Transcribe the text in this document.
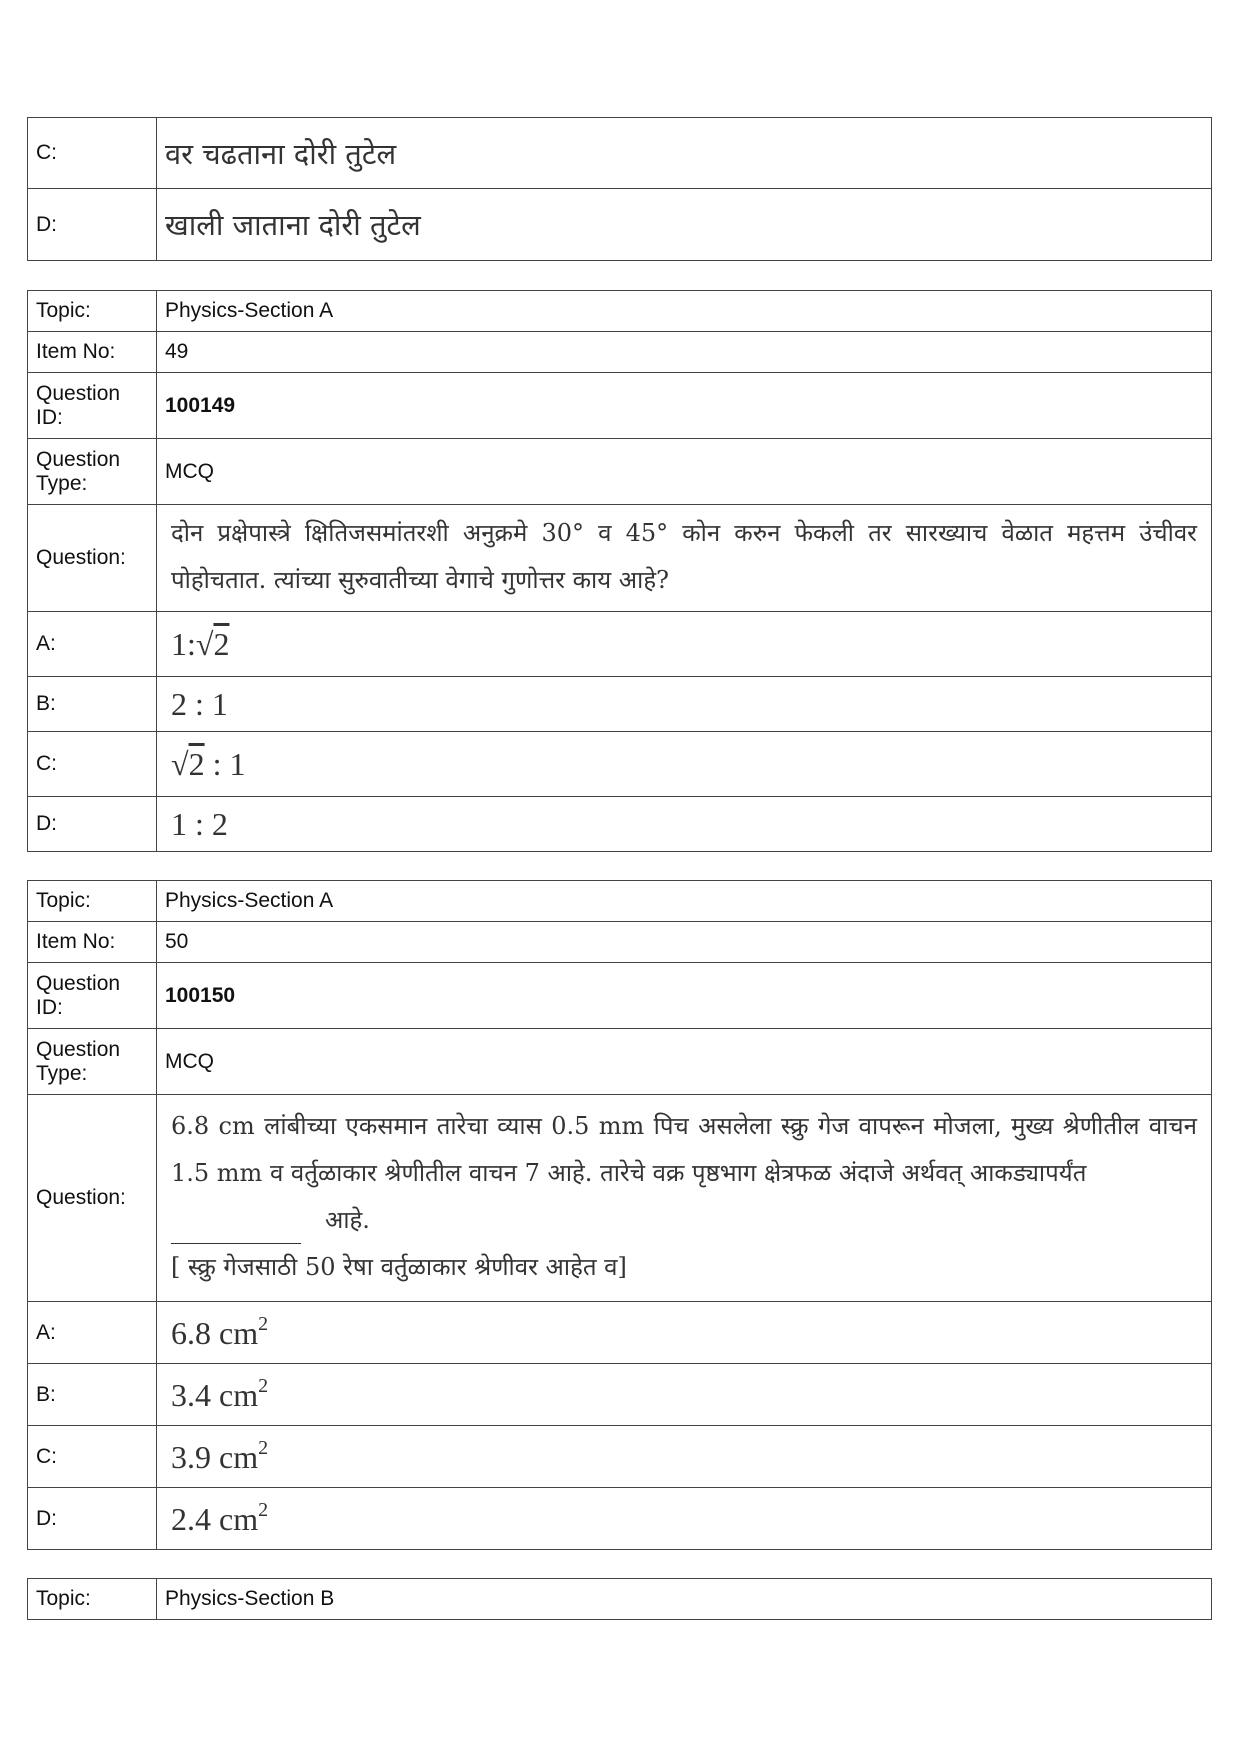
C:	वर चढताना दोरी तुटेल
D:	खाली जाताना दोरी तुटेल
Topic:	Physics-Section A
Item No:	49
Question ID:	100149
Question Type:	MCQ
Question:	दोन प्रक्षेपास्त्रे क्षितिजसमांतरशी अनुक्रमे 30° व 45° कोन करुन फेकली तर सारख्याच वेळात महत्तम उंचीवर पोहोचतात. त्यांच्या सुरुवातीच्या वेगाचे गुणोत्तर काय आहे?
A:	1:√2
B:	2 : 1
C:	√2 : 1
D:	1 : 2
Topic:	Physics-Section A
Item No:	50
Question ID:	100150
Question Type:	MCQ
Question:	6.8 cm लांबीच्या एकसमान तारेचा व्यास 0.5 mm पिच असलेला स्क्रु गेज वापरून मोजला, मुख्य श्रेणीतील वाचन 1.5 mm व वर्तुळाकार श्रेणीतील वाचन 7 आहे. तारेचे वक्र पृष्ठभाग क्षेत्रफळ अंदाजे अर्थवत् आकड्यापर्यंत
आहे.
[ स्क्रु गेजसाठी 50 रेषा वर्तुळाकार श्रेणीवर आहेत व]

A:	6.8 $cm^2$
B:	3.4 $cm^2$
C:	3.9 $cm^2$
D:	2.4 $cm^2$
Topic:	Physics-Section B
